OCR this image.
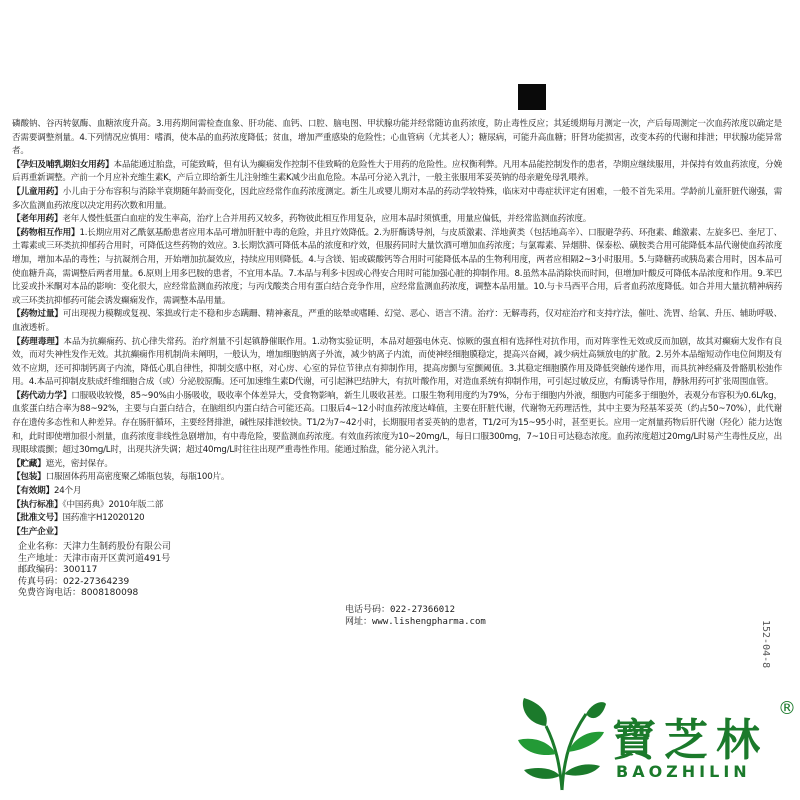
磷酸钠、谷丙转氨酶、血糖浓度升高。3.用药期间需检查血象、肝功能、血钙、口腔、脑电图、甲状腺功能并经常随访血药浓度，防止毒性反应；其延缓期每月测定一次，产后每周测定一次血药浓度以确定是否需要调整剂量。4.下列情况应慎用：嗜酒，使本品的血药浓度降低；贫血，增加严重感染的危险性；心血管病（尤其老人）；糖尿病，可能升高血糖；肝肾功能损害，改变本药的代谢和排泄；甲状腺功能异常者。

【孕妇及哺乳期妇女用药】本品能通过胎盘，可能致畸，但有认为癫痫发作控制不佳致畸的危险性大于用药的危险性。应权衡利弊。凡用本品能控制发作的患者，孕期应继续服用，并保持有效血药浓度，分娩后再重新调整。产前一个月应补充维生素K，产后立即给新生儿注射维生素K减少出血危险。本品可分泌入乳汁，一般主张服用苯妥英钠的母亲避免母乳喂养。

【儿童用药】小儿由于分布容积与消除半衰期随年龄而变化，因此应经常作血药浓度测定。新生儿或婴儿期对本品的药动学较特殊，临床对中毒症状评定有困难，一般不首先采用。学龄前儿童肝脏代谢强，需多次监测血药浓度以决定用药次数和用量。

【老年用药】老年人慢性低蛋白血症的发生率高，治疗上合并用药又较多，药物彼此相互作用复杂，应用本品时须慎重，用量应偏低，并经常监测血药浓度。

【药物相互作用】1.长期应用对乙酰氨基酚患者应用本品可增加肝脏中毒的危险，并且疗效降低。2.为肝酶诱导剂，与皮质激素、洋地黄类（包括地高辛）、口服避孕药、环孢素、雌激素、左旋多巴、奎尼丁、土霉素或三环类抗抑郁药合用时，可降低这些药物的效应。3.长期饮酒可降低本品的浓度和疗效，但服药同时大量饮酒可增加血药浓度；与氯霉素、异烟肼、保泰松、磺胺类合用可能降低本品代谢使血药浓度增加，增加本品的毒性；与抗凝剂合用，开始增加抗凝效应，持续应用则降低。4.与含镁、铝或碳酸钙等合用时可能降低本品的生物利用度，两者应相隔2~3小时服用。5.与降糖药或胰岛素合用时，因本品可使血糖升高，需调整后两者用量。6.原则上用多巴胺的患者，不宜用本品。7.本品与利多卡因或心得安合用时可能加强心脏的抑制作用。8.虽然本品消除快而时间，但增加叶酸反可降低本品浓度和作用。9.苯巴比妥或扑米酮对本品的影响：变化很大，应经常监测血药浓度；与丙戊酸类合用有蛋白结合竞争作用，应经常监测血药浓度，调整本品用量。10.与卡马西平合用，后者血药浓度降低。如合并用大量抗精神病药或三环类抗抑郁药可能会诱发癫痫发作，需调整本品用量。

【药物过量】可出现视力模糊或复视、笨拙或行走不稳和步态蹒跚、精神紊乱，严重的眩晕或嗜睡、幻觉、恶心、语言不清。治疗：无解毒药，仅对症治疗和支持疗法，催吐、洗胃、给氧、升压、辅助呼吸、血液透析。

【药理毒理】本品为抗癫痫药、抗心律失常药。治疗剂量不引起镇静催眠作用。1.动物实验证明，本品对超强电休克、惊厥的强直相有选择性对抗作用，而对阵挛性无效或反而加剧，故其对癫痫大发作有良效，而对失神性发作无效。其抗癫痫作用机制尚未阐明，一般认为，增加细胞钠离子外流，减少钠离子内流，而使神经细胞膜稳定，提高兴奋阈，减少病灶高频放电的扩散。2.另外本品缩短动作电位间期及有效不应期，还可抑制钙离子内流，降低心肌自律性，抑制交感中枢，对心房、心室的异位节律点有抑制作用，提高房颤与室颤阈值。3.其稳定细胞膜作用及降低突触传递作用，而具抗神经痛及骨骼肌松弛作用。4.本品可抑制皮肤成纤维细胞合成（或）分泌胶原酶。还可加速维生素D代谢，可引起淋巴结肿大，有抗叶酸作用，对造血系统有抑制作用，可引起过敏反应，有酶诱导作用，静脉用药可扩张周围血管。

【药代动力学】口服吸收较慢，85~90%由小肠吸收，吸收率个体差异大，受食物影响，新生儿吸收甚差。口服生物利用度约为79%，分布于细胞内外液，细胞内可能多于细胞外，表观分布容积为0.6L/kg，血浆蛋白结合率为88~92%，主要与白蛋白结合，在脑组织内蛋白结合可能还高。口服后4~12小时血药浓度达峰值，主要在肝脏代谢，代谢物无药理活性，其中主要为羟基苯妥英（约占50~70%），此代谢存在遗传多态性和人种差异。存在肠肝循环，主要经肾排泄，碱性尿排泄较快。T1/2为7~42小时，长期服用者妥英钠的患者，T1/2可为15~95小时，甚至更长。应用一定剂量药物后肝代谢（羟化）能力达饱和，此时即使增加很小剂量，血药浓度非线性急剧增加，有中毒危险，要监测血药浓度。有效血药浓度为10~20mg/L，每日口服300mg，7~10日可达稳态浓度。血药浓度超过20mg/L时易产生毒性反应，出现眼球震颤；超过30mg/L时，出现共济失调；超过40mg/L时往往出现严重毒性作用。能通过胎盘，能分泌入乳汁。

【贮藏】遮光，密封保存。

【包装】口服固体药用高密度聚乙烯瓶包装，每瓶100片。

【有效期】24个月

【执行标准】《中国药典》2010年版二部

【批准文号】国药准字H12020120

【生产企业】

企业名称：天津力生制药股份有限公司
生产地址：天津市南开区黄河道491号
邮政编码：300117
传真号码：022-27364239
免费咨询电话：8008180098
电话号码：022-27366012
网址：www.lishengpharma.com	152-04-8
寶芝林
®
BAOZHILIN
